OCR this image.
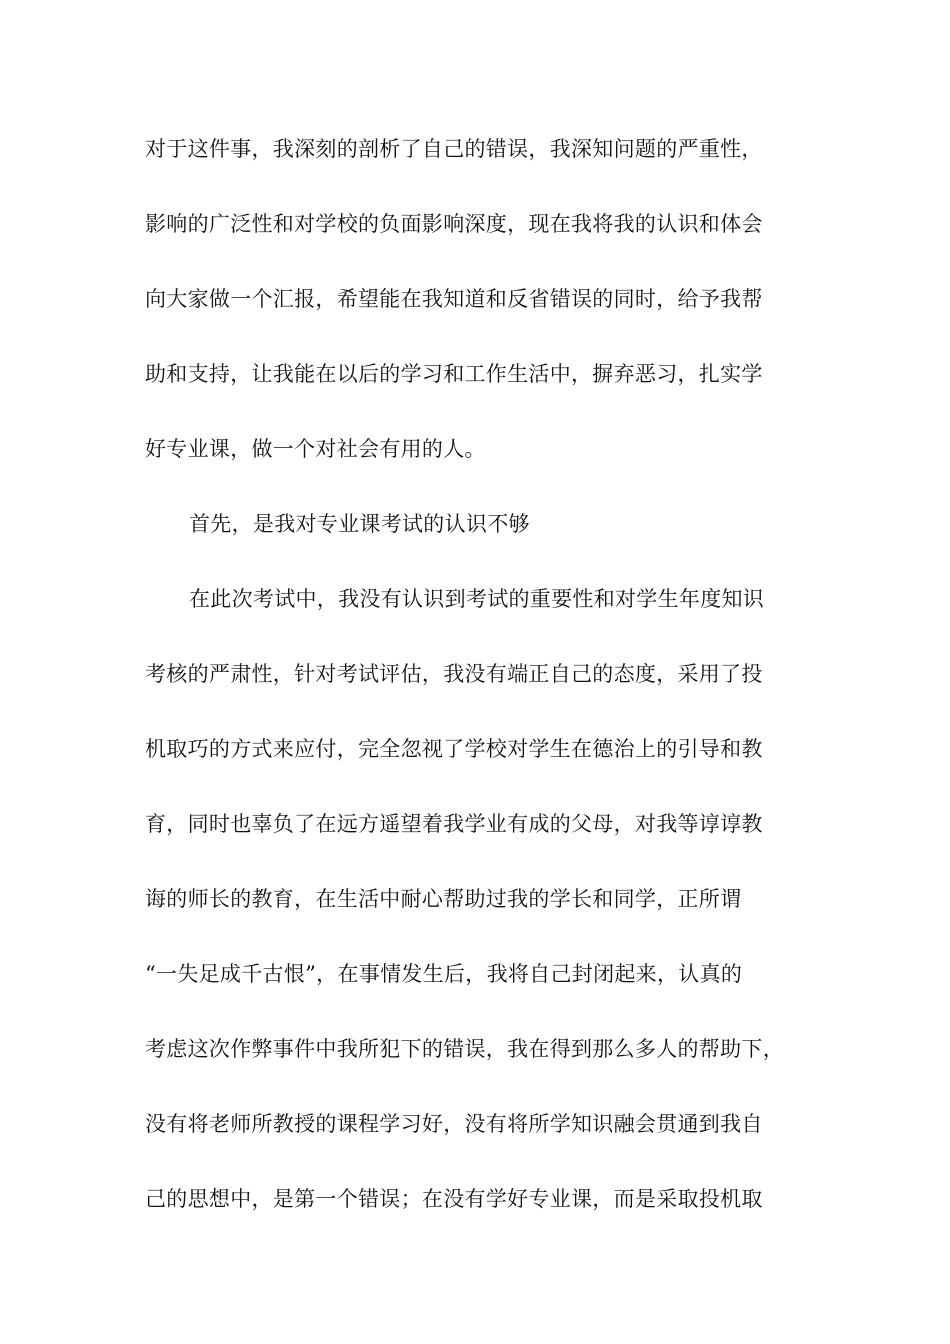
对于这件事，我深刻的剖析了自己的错误，我深知问题的严重性，
影响的广泛性和对学校的负面影响深度，现在我将我的认识和体会
向大家做一个汇报，希望能在我知道和反省错误的同时，给予我帮
助和支持，让我能在以后的学习和工作生活中，摒弃恶习，扎实学
好专业课，做一个对社会有用的人。
首先，是我对专业课考试的认识不够
在此次考试中，我没有认识到考试的重要性和对学生年度知识
考核的严肃性，针对考试评估，我没有端正自己的态度，采用了投
机取巧的方式来应付，完全忽视了学校对学生在德治上的引导和教
育，同时也辜负了在远方遥望着我学业有成的父母，对我等谆谆教
诲的师长的教育，在生活中耐心帮助过我的学长和同学，正所谓
“一失足成千古恨”，在事情发生后，我将自己封闭起来，认真的
考虑这次作弊事件中我所犯下的错误，我在得到那么多人的帮助下，
没有将老师所教授的课程学习好，没有将所学知识融会贯通到我自
己的思想中，是第一个错误；在没有学好专业课，而是采取投机取
